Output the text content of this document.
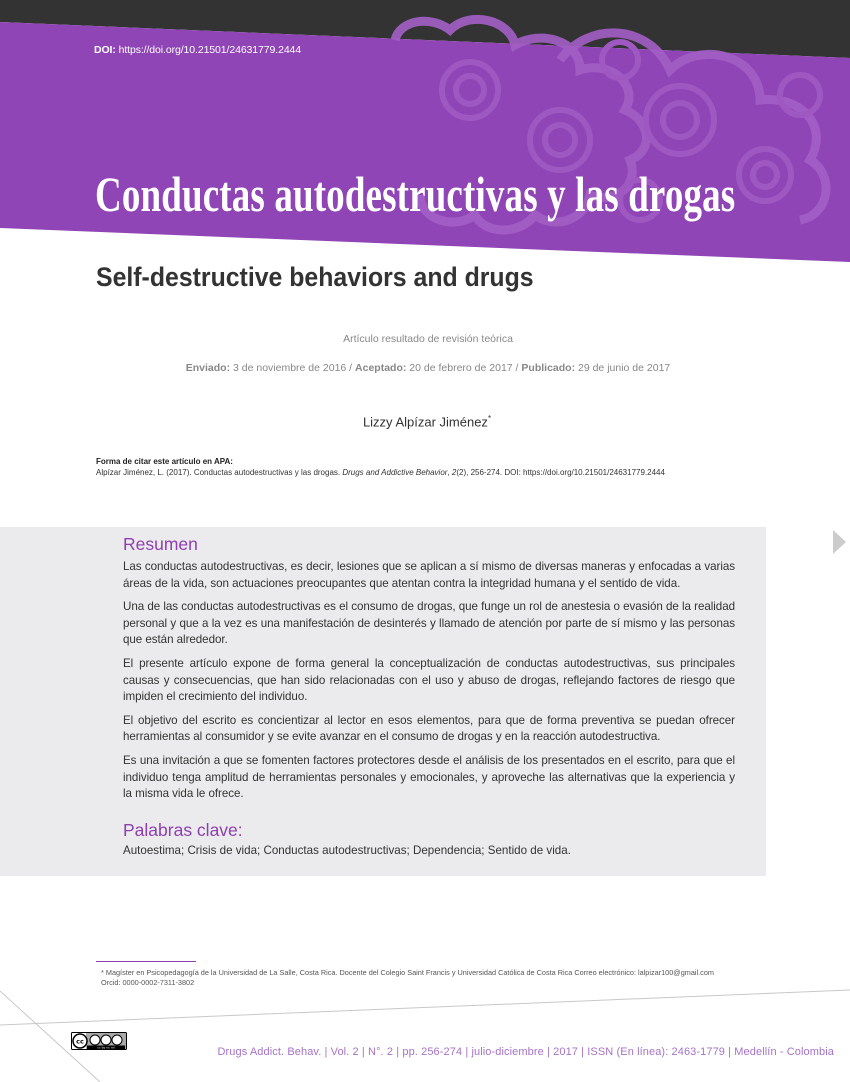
DOI: https://doi.org/10.21501/24631779.2444
Conductas autodestructivas y las drogas
Self-destructive behaviors and drugs
Artículo resultado de revisión teórica
Enviado: 3 de noviembre de 2016 / Aceptado: 20 de febrero de 2017 / Publicado: 29 de junio de 2017
Lizzy Alpízar Jiménez*
Forma de citar este artículo en APA:
Alpízar Jiménez, L. (2017). Conductas autodestructivas y las drogas. Drugs and Addictive Behavior, 2(2), 256-274. DOI: https://doi.org/10.21501/24631779.2444
Resumen

Las conductas autodestructivas, es decir, lesiones que se aplican a sí mismo de diversas maneras y enfocadas a varias áreas de la vida, son actuaciones preocupantes que atentan contra la integridad humana y el sentido de vida.

Una de las conductas autodestructivas es el consumo de drogas, que funge un rol de anestesia o evasión de la realidad personal y que a la vez es una manifestación de desinterés y llamado de atención por parte de sí mismo y las personas que están alrededor.

El presente artículo expone de forma general la conceptualización de conductas autodestructivas, sus principales causas y consecuencias, que han sido relacionadas con el uso y abuso de drogas, reflejando factores de riesgo que impiden el crecimiento del individuo.

El objetivo del escrito es concientizar al lector en esos elementos, para que de forma preventiva se puedan ofrecer herramientas al consumidor y se evite avanzar en el consumo de drogas y en la reacción autodestructiva.

Es una invitación a que se fomenten factores protectores desde el análisis de los presentados en el escrito, para que el individuo tenga amplitud de herramientas personales y emocionales, y aproveche las alternativas que la experiencia y la misma vida le ofrece.

Palabras clave:

Autoestima; Crisis de vida; Conductas autodestructivas; Dependencia; Sentido de vida.

* Magíster en Psicopedagogía de la Universidad de La Salle, Costa Rica. Docente del Colegio Saint Francis y Universidad Católica de Costa Rica Correo electrónico: lalpizar100@gmail.com Orcid: 0000-0002-7311-3802

cc
cc by nc nd	Drugs Addict. Behav. | Vol. 2 | N°. 2 | pp. 256-274 | julio-diciembre | 2017 | ISSN (En línea): 2463-1779 | Medellín - Colombia
